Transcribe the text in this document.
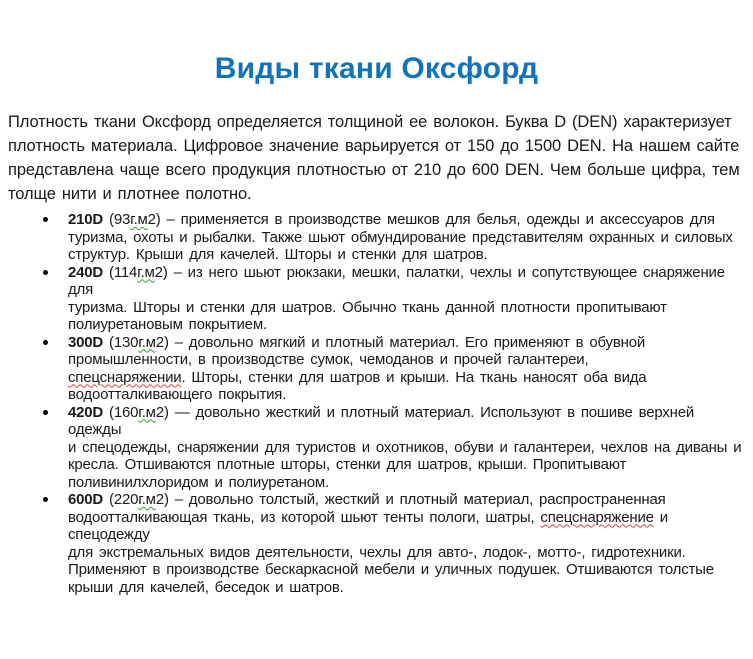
Виды ткани Оксфорд

Плотность ткани Оксфорд определяется толщиной ее волокон. Буква D (DEN) характеризует
плотность материала. Цифровое значение варьируется от 150 до 1500 DEN. На нашем сайте
представлена чаще всего продукция плотностью от 210 до 600 DEN. Чем больше цифра, тем
толще нити и плотнее полотно.

210D (93г.м2) – применяется в производстве мешков для белья, одежды и аксессуаров для
туризма, охоты и рыбалки. Также шьют обмундирование представителям охранных и силовых
структур. Крыши для качелей. Шторы и стенки для шатров.
240D (114г.м2) – из него шьют рюкзаки, мешки, палатки, чехлы и сопутствующее снаряжение для
туризма. Шторы и стенки для шатров. Обычно ткань данной плотности пропитывают
полиуретановым покрытием.
300D (130г.м2) – довольно мягкий и плотный материал. Его применяют в обувной
промышленности, в производстве сумок, чемоданов и прочей галантереи,
спецснаряжении. Шторы, стенки для шатров и крыши. На ткань наносят оба вида
водоотталкивающего покрытия.
420D (160г.м2) — довольно жесткий и плотный материал. Используют в пошиве верхней одежды
и спецодежды, снаряжении для туристов и охотников, обуви и галантереи, чехлов на диваны и
кресла. Отшиваются плотные шторы, стенки для шатров, крыши. Пропитывают
поливинилхлоридом и полиуретаном.
600D (220г.м2) – довольно толстый, жесткий и плотный материал, распространенная
водоотталкивающая ткань, из которой шьют тенты пологи, шатры, спецснаряжение и спецодежду
для экстремальных видов деятельности, чехлы для авто-, лодок-, мотто-, гидротехники.
Применяют в производстве бескаркасной мебели и уличных подушек. Отшиваются толстые
крыши для качелей, беседок и шатров.
